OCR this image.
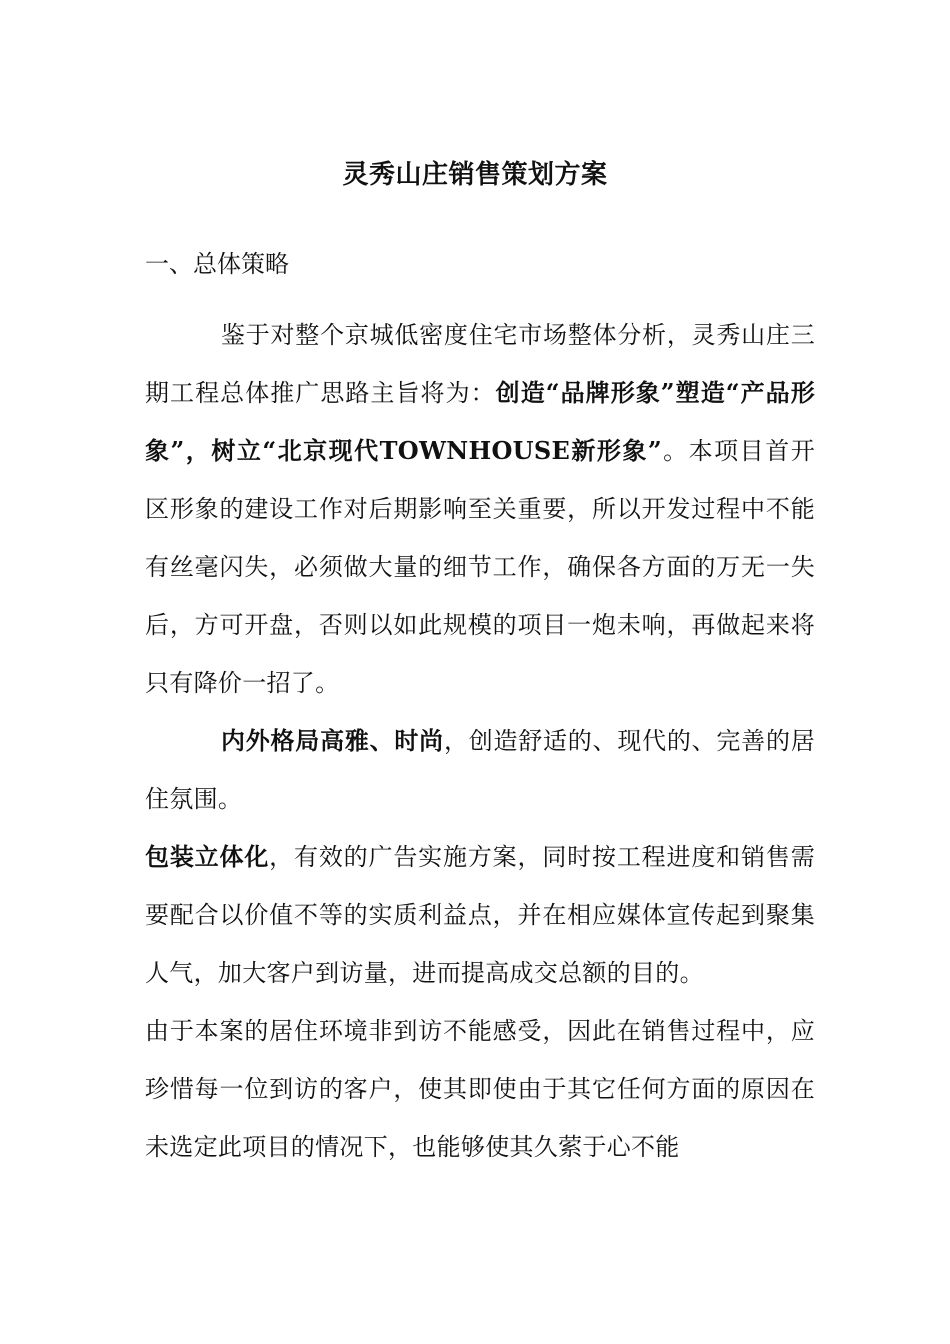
灵秀山庄销售策划方案
一、总体策略

鉴于对整个京城低密度住宅市场整体分析，灵秀山庄三期工程总体推广思路主旨将为：创造“品牌形象”塑造“产品形象”，树立“北京现代TOWNHOUSE新形象”。本项目首开区形象的建设工作对后期影响至关重要，所以开发过程中不能有丝毫闪失，必须做大量的细节工作，确保各方面的万无一失后，方可开盘，否则以如此规模的项目一炮未响，再做起来将只有降价一招了。

内外格局高雅、时尚，创造舒适的、现代的、完善的居住氛围。

包装立体化，有效的广告实施方案，同时按工程进度和销售需要配合以价值不等的实质利益点，并在相应媒体宣传起到聚集人气，加大客户到访量，进而提高成交总额的目的。

由于本案的居住环境非到访不能感受，因此在销售过程中，应珍惜每一位到访的客户，使其即使由于其它任何方面的原因在未选定此项目的情况下，也能够使其久萦于心不能
